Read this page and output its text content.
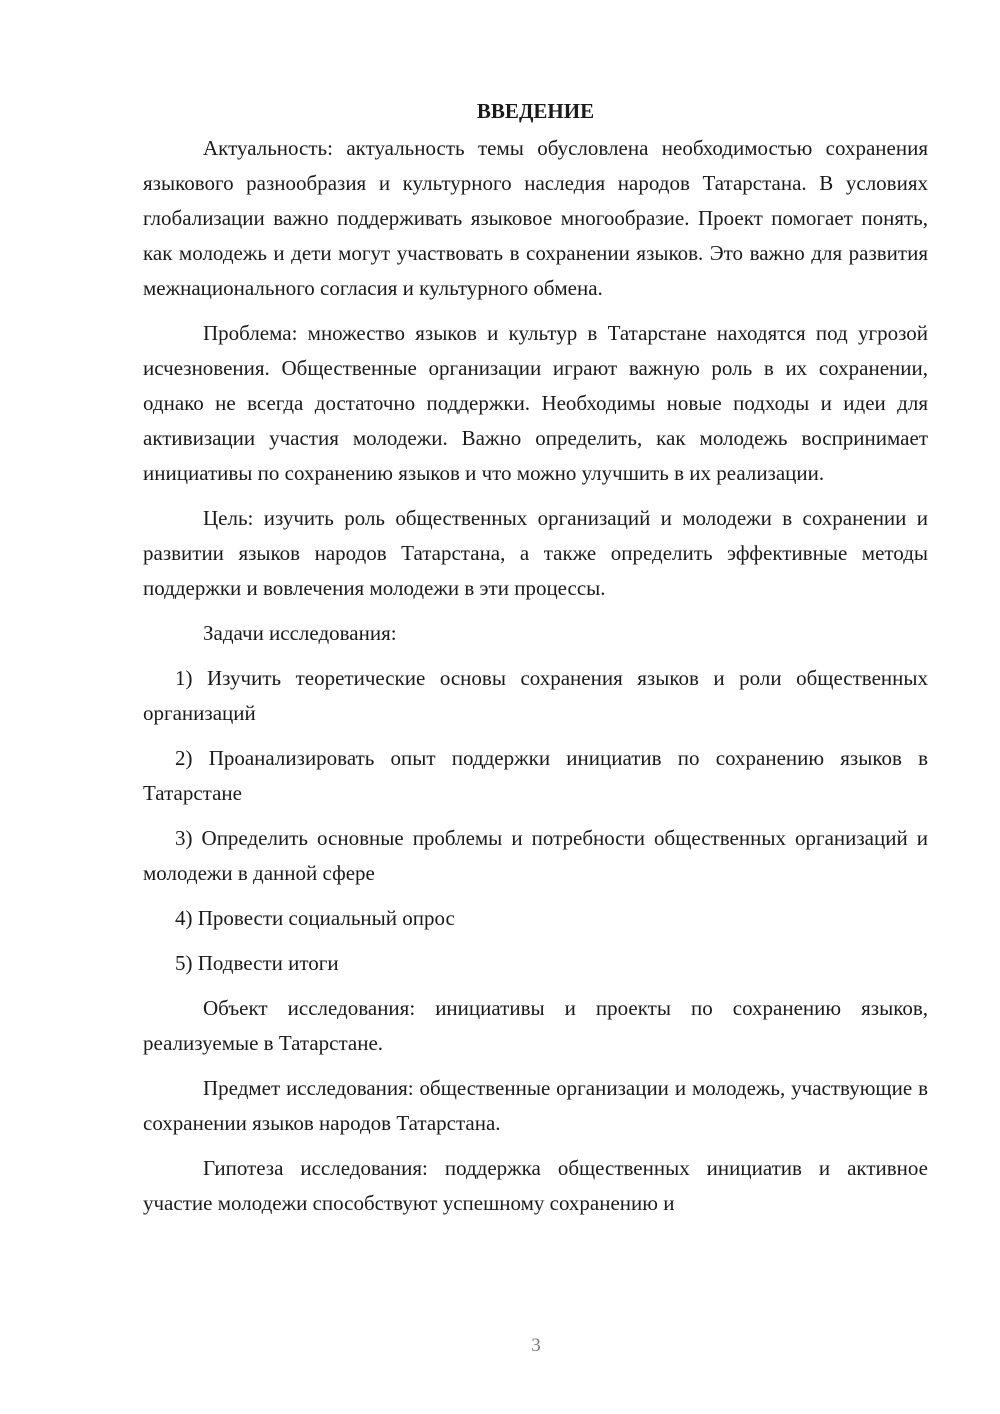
ВВЕДЕНИЕ

Актуальность: актуальность темы обусловлена необходимостью сохранения языкового разнообразия и культурного наследия народов Татарстана. В условиях глобализации важно поддерживать языковое многообразие. Проект помогает понять, как молодежь и дети могут участвовать в сохранении языков. Это важно для развития межнационального согласия и культурного обмена.

Проблема: множество языков и культур в Татарстане находятся под угрозой исчезновения. Общественные организации играют важную роль в их сохранении, однако не всегда достаточно поддержки. Необходимы новые подходы и идеи для активизации участия молодежи. Важно определить, как молодежь воспринимает инициативы по сохранению языков и что можно улучшить в их реализации.

Цель: изучить роль общественных организаций и молодежи в сохранении и развитии языков народов Татарстана, а также определить эффективные методы поддержки и вовлечения молодежи в эти процессы.

Задачи исследования:

1) Изучить теоретические основы сохранения языков и роли общественных организаций

2) Проанализировать опыт поддержки инициатив по сохранению языков в Татарстане

3) Определить основные проблемы и потребности общественных организаций и молодежи в данной сфере

4) Провести социальный опрос

5) Подвести итоги

Объект исследования: инициативы и проекты по сохранению языков, реализуемые в Татарстане.

Предмет исследования: общественные организации и молодежь, участвующие в сохранении языков народов Татарстана.

Гипотеза исследования: поддержка общественных инициатив и активное участие молодежи способствуют успешному сохранению и

3
